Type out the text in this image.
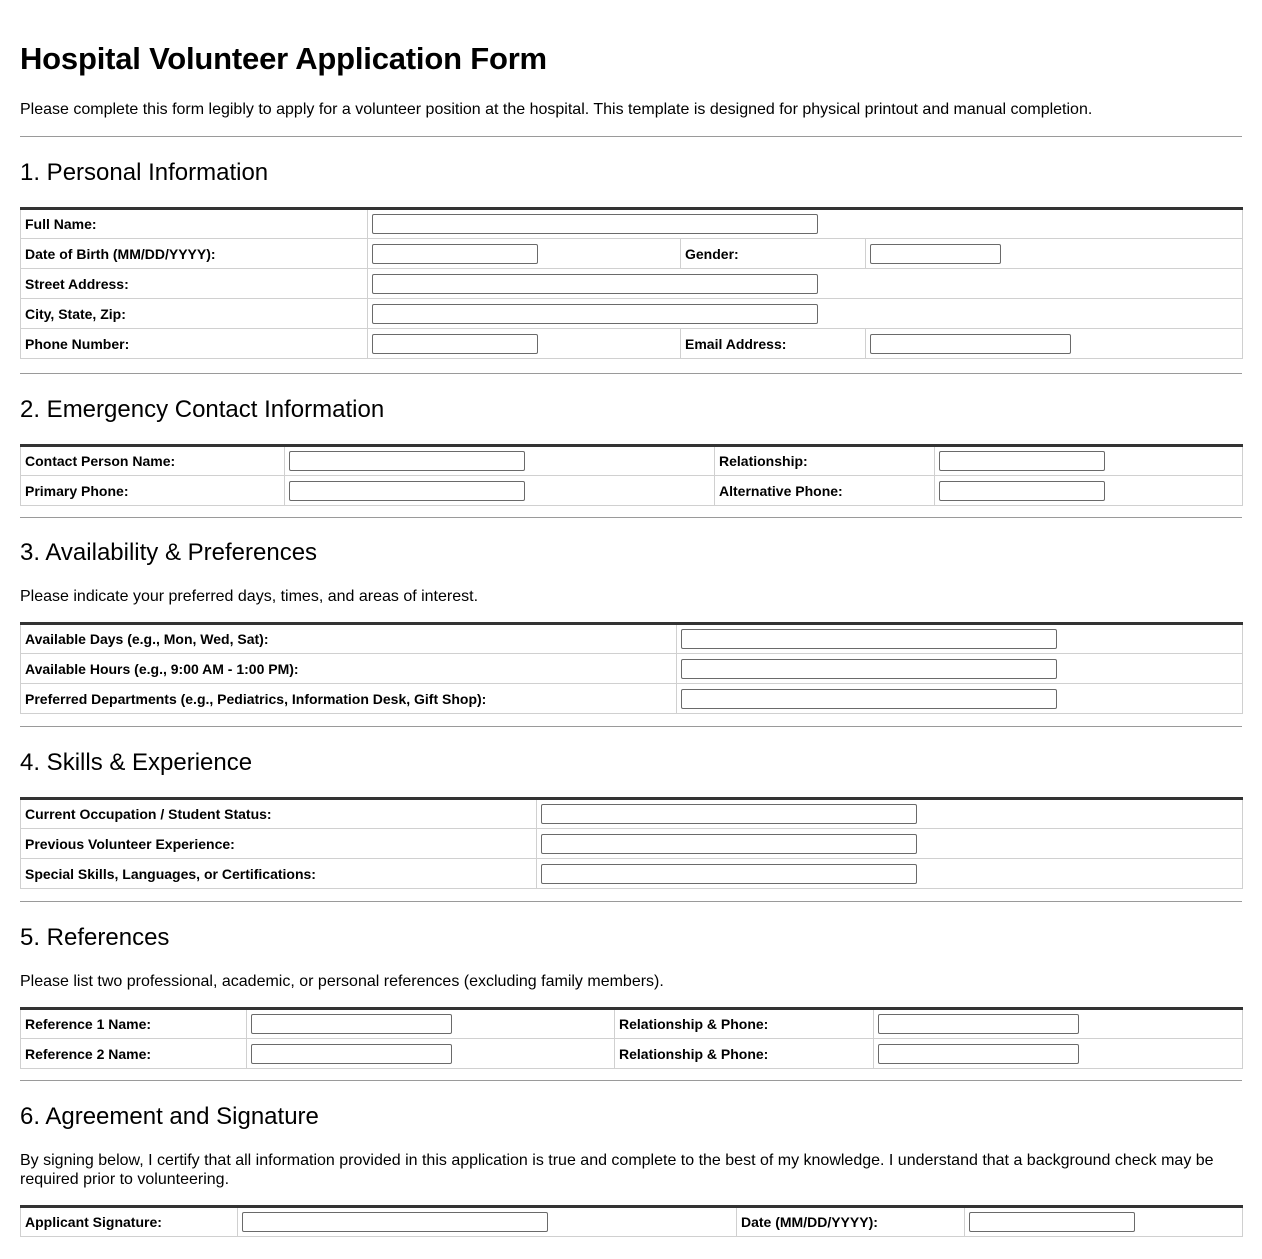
Hospital Volunteer Application Form

Please complete this form legibly to apply for a volunteer position at the hospital. This template is designed for physical printout and manual completion.

1. Personal Information
Full Name:			

Date of Birth (MM/DD/YYYY):		Gender:	

Street Address:			

City, State, Zip:			

Phone Number:		Email Address:	
2. Emergency Contact Information
Contact Person Name:		Relationship:	

Primary Phone:		Alternative Phone:	
3. Availability & Preferences

Please indicate your preferred days, times, and areas of interest.

Available Days (e.g., Mon, Wed, Sat):	

Available Hours (e.g., 9:00 AM - 1:00 PM):	

Preferred Departments (e.g., Pediatrics, Information Desk, Gift Shop):	
4. Skills & Experience
Current Occupation / Student Status:	

Previous Volunteer Experience:	

Special Skills, Languages, or Certifications:	
5. References

Please list two professional, academic, or personal references (excluding family members).

Reference 1 Name:		Relationship & Phone:	

Reference 2 Name:		Relationship & Phone:	
6. Agreement and Signature

By signing below, I certify that all information provided in this application is true and complete to the best of my knowledge. I understand that a background check may be required prior to volunteering.

Applicant Signature:		Date (MM/DD/YYYY):	
